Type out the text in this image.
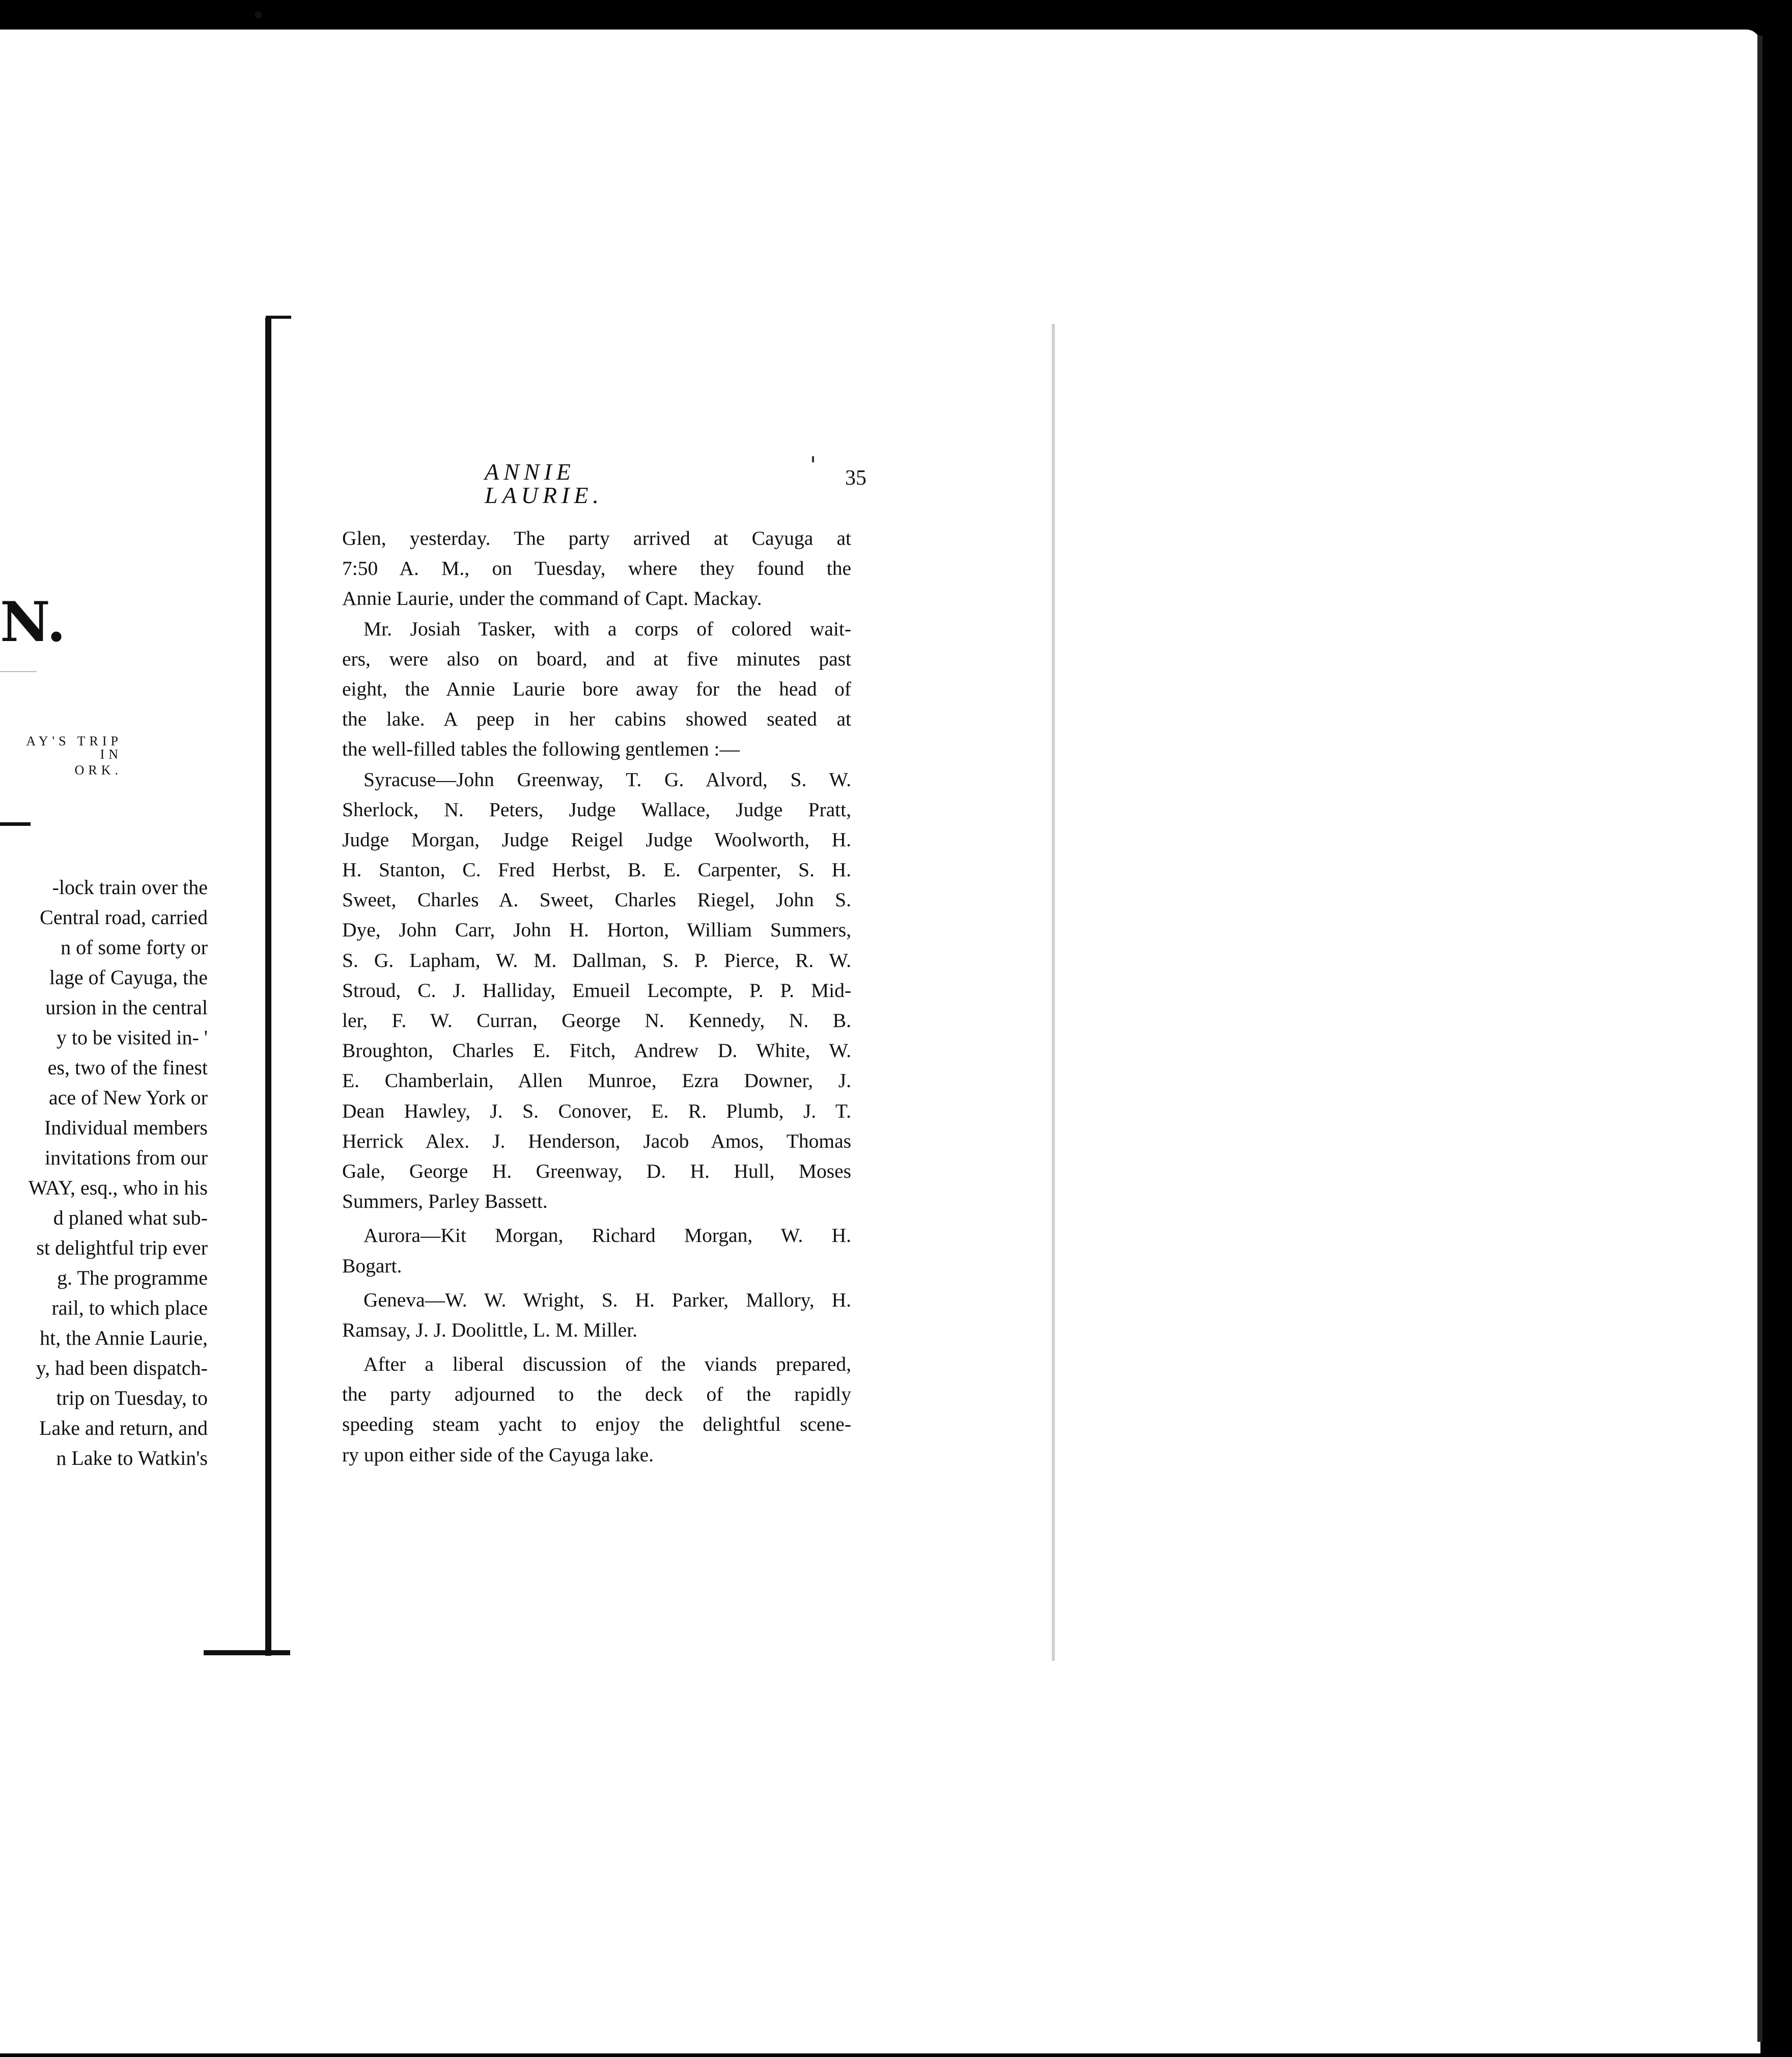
N.
AY'S TRIP IN
ORK.
-lock train over the
Central road, carried
n of some forty or
lage of Cayuga, the
ursion in the central
y to be visited in- '
es, two of the finest
ace of New York or
Individual members
invitations from our
WAY, esq., who in his
d planed what sub-
st delightful trip ever
g. The programme
rail, to which place
ht, the Annie Laurie,
y, had been dispatch-
trip on Tuesday, to
Lake and return, and
n Lake to Watkin's
ANNIE LAURIE.
35
Glen, yesterday. The party arrived at Cayuga at
7:50 A. M., on Tuesday, where they found the
Annie Laurie, under the command of Capt. Mackay.
Mr. Josiah Tasker, with a corps of colored wait-
ers, were also on board, and at five minutes past
eight, the Annie Laurie bore away for the head of
the lake. A peep in her cabins showed seated at
the well-filled tables the following gentlemen :—
Syracuse—John Greenway, T. G. Alvord, S. W.
Sherlock, N. Peters, Judge Wallace, Judge Pratt,
Judge Morgan, Judge Reigel Judge Woolworth, H.
H. Stanton, C. Fred Herbst, B. E. Carpenter, S. H.
Sweet, Charles A. Sweet, Charles Riegel, John S.
Dye, John Carr, John H. Horton, William Summers,
S. G. Lapham, W. M. Dallman, S. P. Pierce, R. W.
Stroud, C. J. Halliday, Emueil Lecompte, P. P. Mid-
ler, F. W. Curran, George N. Kennedy, N. B.
Broughton, Charles E. Fitch, Andrew D. White, W.
E. Chamberlain, Allen Munroe, Ezra Downer, J.
Dean Hawley, J. S. Conover, E. R. Plumb, J. T.
Herrick Alex. J. Henderson, Jacob Amos, Thomas
Gale, George H. Greenway, D. H. Hull, Moses
Summers, Parley Bassett.
Aurora—Kit Morgan, Richard Morgan, W. H.
Bogart.
Geneva—W. W. Wright, S. H. Parker, Mallory, H.
Ramsay, J. J. Doolittle, L. M. Miller.
After a liberal discussion of the viands prepared,
the party adjourned to the deck of the rapidly
speeding steam yacht to enjoy the delightful scene-
ry upon either side of the Cayuga lake.
